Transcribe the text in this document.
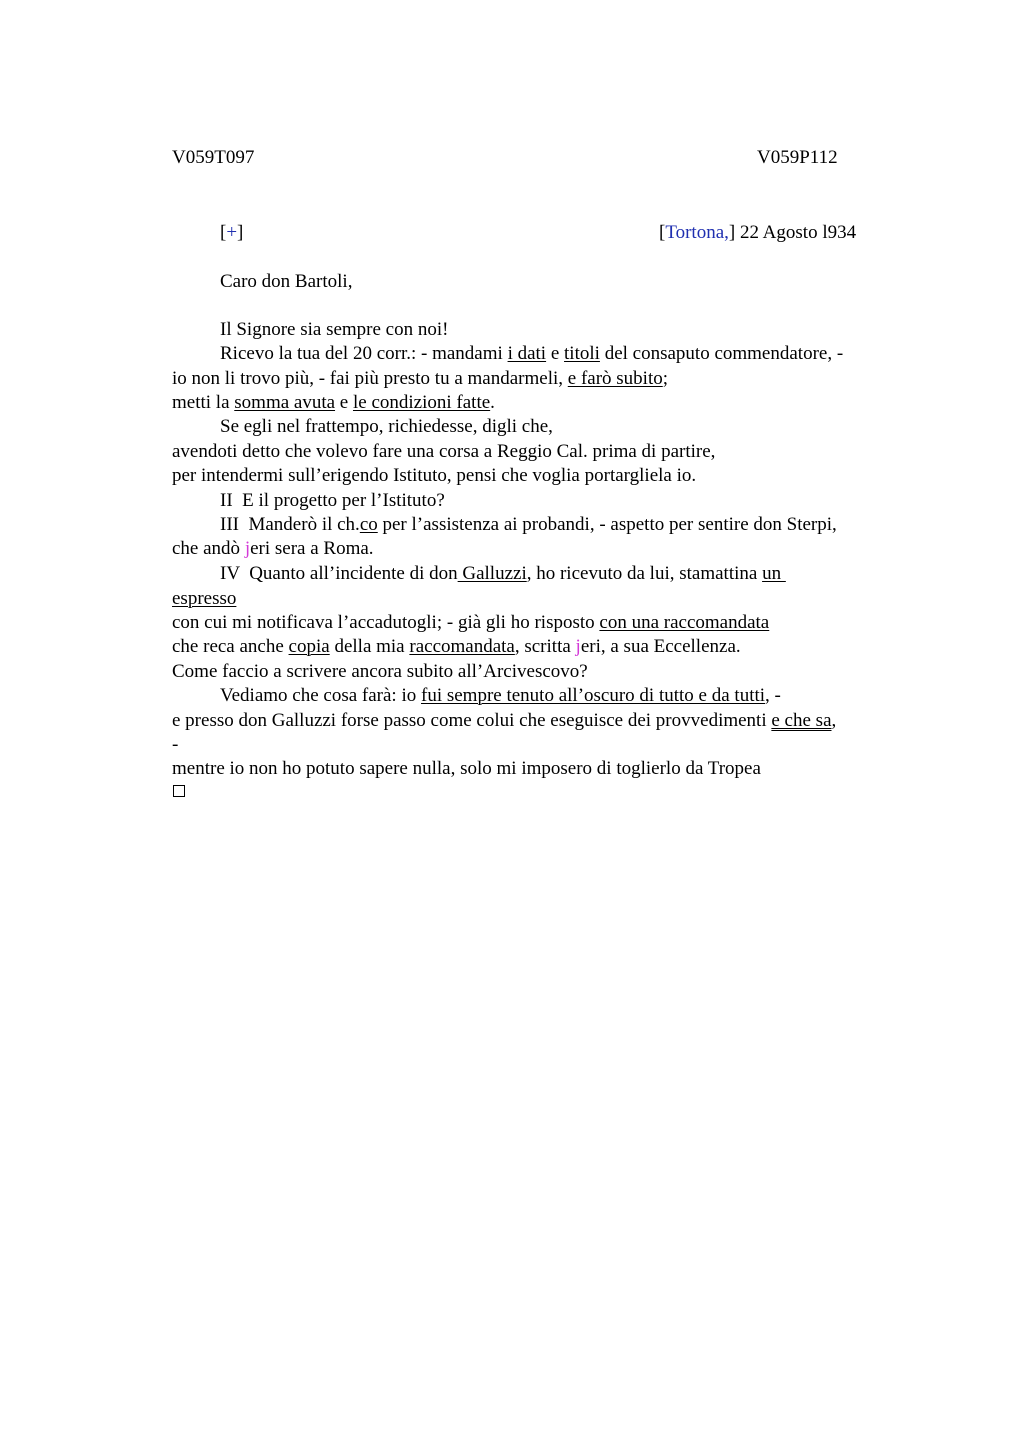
V059T097	V059P112
[+]	[Tortona,] 22 Agosto l934
Caro don Bartoli,
Il Signore sia sempre con noi!
Ricevo la tua del 20 corr.: - mandami i dati e titoli del consaputo commendatore, -
io non li trovo più, - fai più presto tu a mandarmeli, e farò subito;
metti la somma avuta e le condizioni fatte.
Se egli nel frattempo, richiedesse, digli che,
avendoti detto che volevo fare una corsa a Reggio Cal. prima di partire,
per intendermi sull’erigendo Istituto, pensi che voglia portargliela io.
II  E il progetto per l’Istituto?
III  Manderò il ch.co per l’assistenza ai probandi, - aspetto per sentire don Sterpi,
che andò jeri sera a Roma.
IV  Quanto all’incidente di don Galluzzi, ho ricevuto da lui, stamattina un
espresso
con cui mi notificava l’accadutogli; - già gli ho risposto con una raccomandata
che reca anche copia della mia raccomandata, scritta jeri, a sua Eccellenza.
Come faccio a scrivere ancora subito all’Arcivescovo?
Vediamo che cosa farà: io fui sempre tenuto all’oscuro di tutto e da tutti, -
e presso don Galluzzi forse passo come colui che eseguisce dei provvedimenti e che sa,
-
mentre io non ho potuto sapere nulla, solo mi imposero di toglierlo da Tropea
